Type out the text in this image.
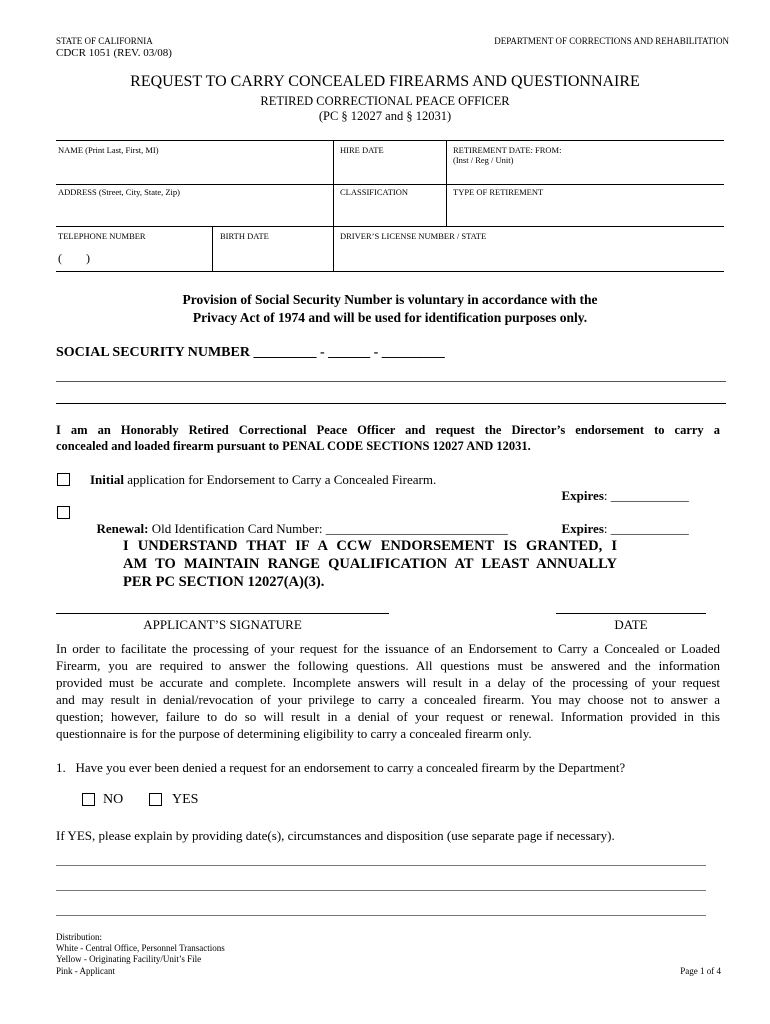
STATE OF CALIFORNIA
CDCR 1051 (REV. 03/08)
DEPARTMENT OF CORRECTIONS AND REHABILITATION
REQUEST TO CARRY CONCEALED FIREARMS AND QUESTIONNAIRE
RETIRED CORRECTIONAL PEACE OFFICER
(PC § 12027 and § 12031)
NAME (Print Last, First, MI)	HIRE DATE	RETIREMENT DATE: FROM:
(Inst / Reg / Unit)
ADDRESS (Street, City, State, Zip)	CLASSIFICATION	TYPE OF RETIREMENT
TELEPHONE NUMBER
(        )
BIRTH DATE	DRIVER’S LICENSE NUMBER / STATE
Provision of Social Security Number is voluntary in accordance with the
Privacy Act of 1974 and will be used for identification purposes only.
SOCIAL SECURITY NUMBER _________ - ______ - _________
I am an Honorably Retired Correctional Peace Officer and request the Director’s endorsement to carry a
concealed and loaded firearm pursuant to PENAL CODE SECTIONS 12027 AND 12031.
Initial application for Endorsement to Carry a Concealed Firearm.

Expires: ____________

Renewal: Old Identification Card Number: ____________________________	Expires: ____________

I UNDERSTAND THAT IF A CCW ENDORSEMENT IS GRANTED, I
AM TO MAINTAIN RANGE QUALIFICATION AT LEAST ANNUALLY
PER PC SECTION 12027(A)(3).
APPLICANT’S SIGNATURE	DATE
In order to facilitate the processing of your request for the issuance of an Endorsement to Carry a Concealed or Loaded
Firearm, you are required to answer the following questions. All questions must be answered and the information
provided must be accurate and complete. Incomplete answers will result in a delay of the processing of your request
and may result in denial/revocation of your privilege to carry a concealed firearm. You may choose not to answer a
question; however, failure to do so will result in a denial of your request or renewal. Information provided in this
questionnaire is for the purpose of determining eligibility to carry a concealed firearm only.
1.   Have you ever been denied a request for an endorsement to carry a concealed firearm by the Department?
NO	YES
If YES, please explain by providing date(s), circumstances and disposition (use separate page if necessary).
Distribution:
White - Central Office, Personnel Transactions
Yellow - Originating Facility/Unit’s File
Pink - Applicant	Page 1 of 4
